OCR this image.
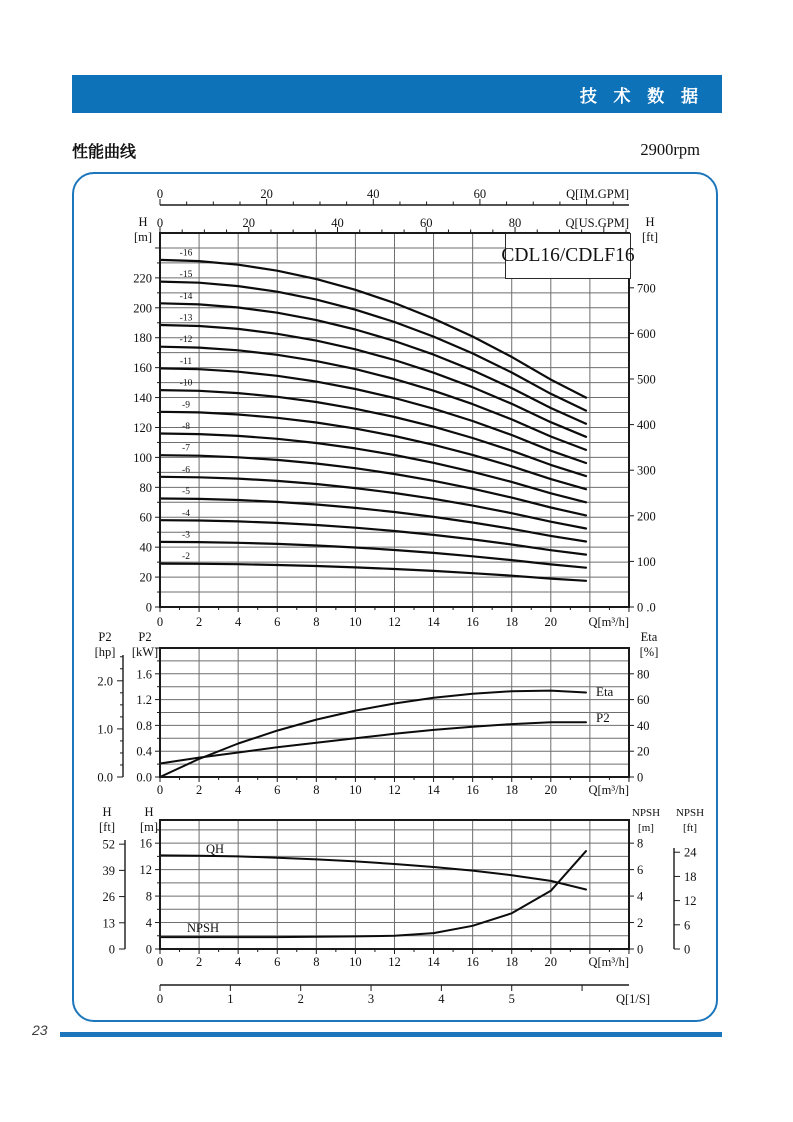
技 术 数 据
性能曲线	2900rpm
0	20	40	60	Q[IM.GPM]
0	20	40	60	80	Q[US.GPM]
0
20
40
60
80
100
120
140
160
180
200
220
H
[m]
0 .0
100
200
300
400
500
600
700
H
[ft]
0	2	4	6	8 10 12 14 16 18 20	Q[m³/h]
-2
-3
-4
-5
-6
-7
-8
-9
-10
-11
-12
-13
-14
-15
-16
0.0
0.4
0.8
1.2
1.6
P2
[kW]
0.0
1.0
2.0
P2
[hp]
0
20
40
60
80
Eta
[%]
0	2	4	6	8 10 12 14 16 18 20	Q[m³/h]
Eta
P2
0
4
8
12
16
H
[m]
0
13
26
39
52
H
[ft]
0
2
4
6
8
NPSH
[m]
0
6
12
18
24
NPSH
[ft]
0	2	4	6	8 10 12 14 16 18 20	Q[m³/h]
0	1	2	3	4	5	Q[1/S]
QH
NPSH
CDL16/CDLF16
23
